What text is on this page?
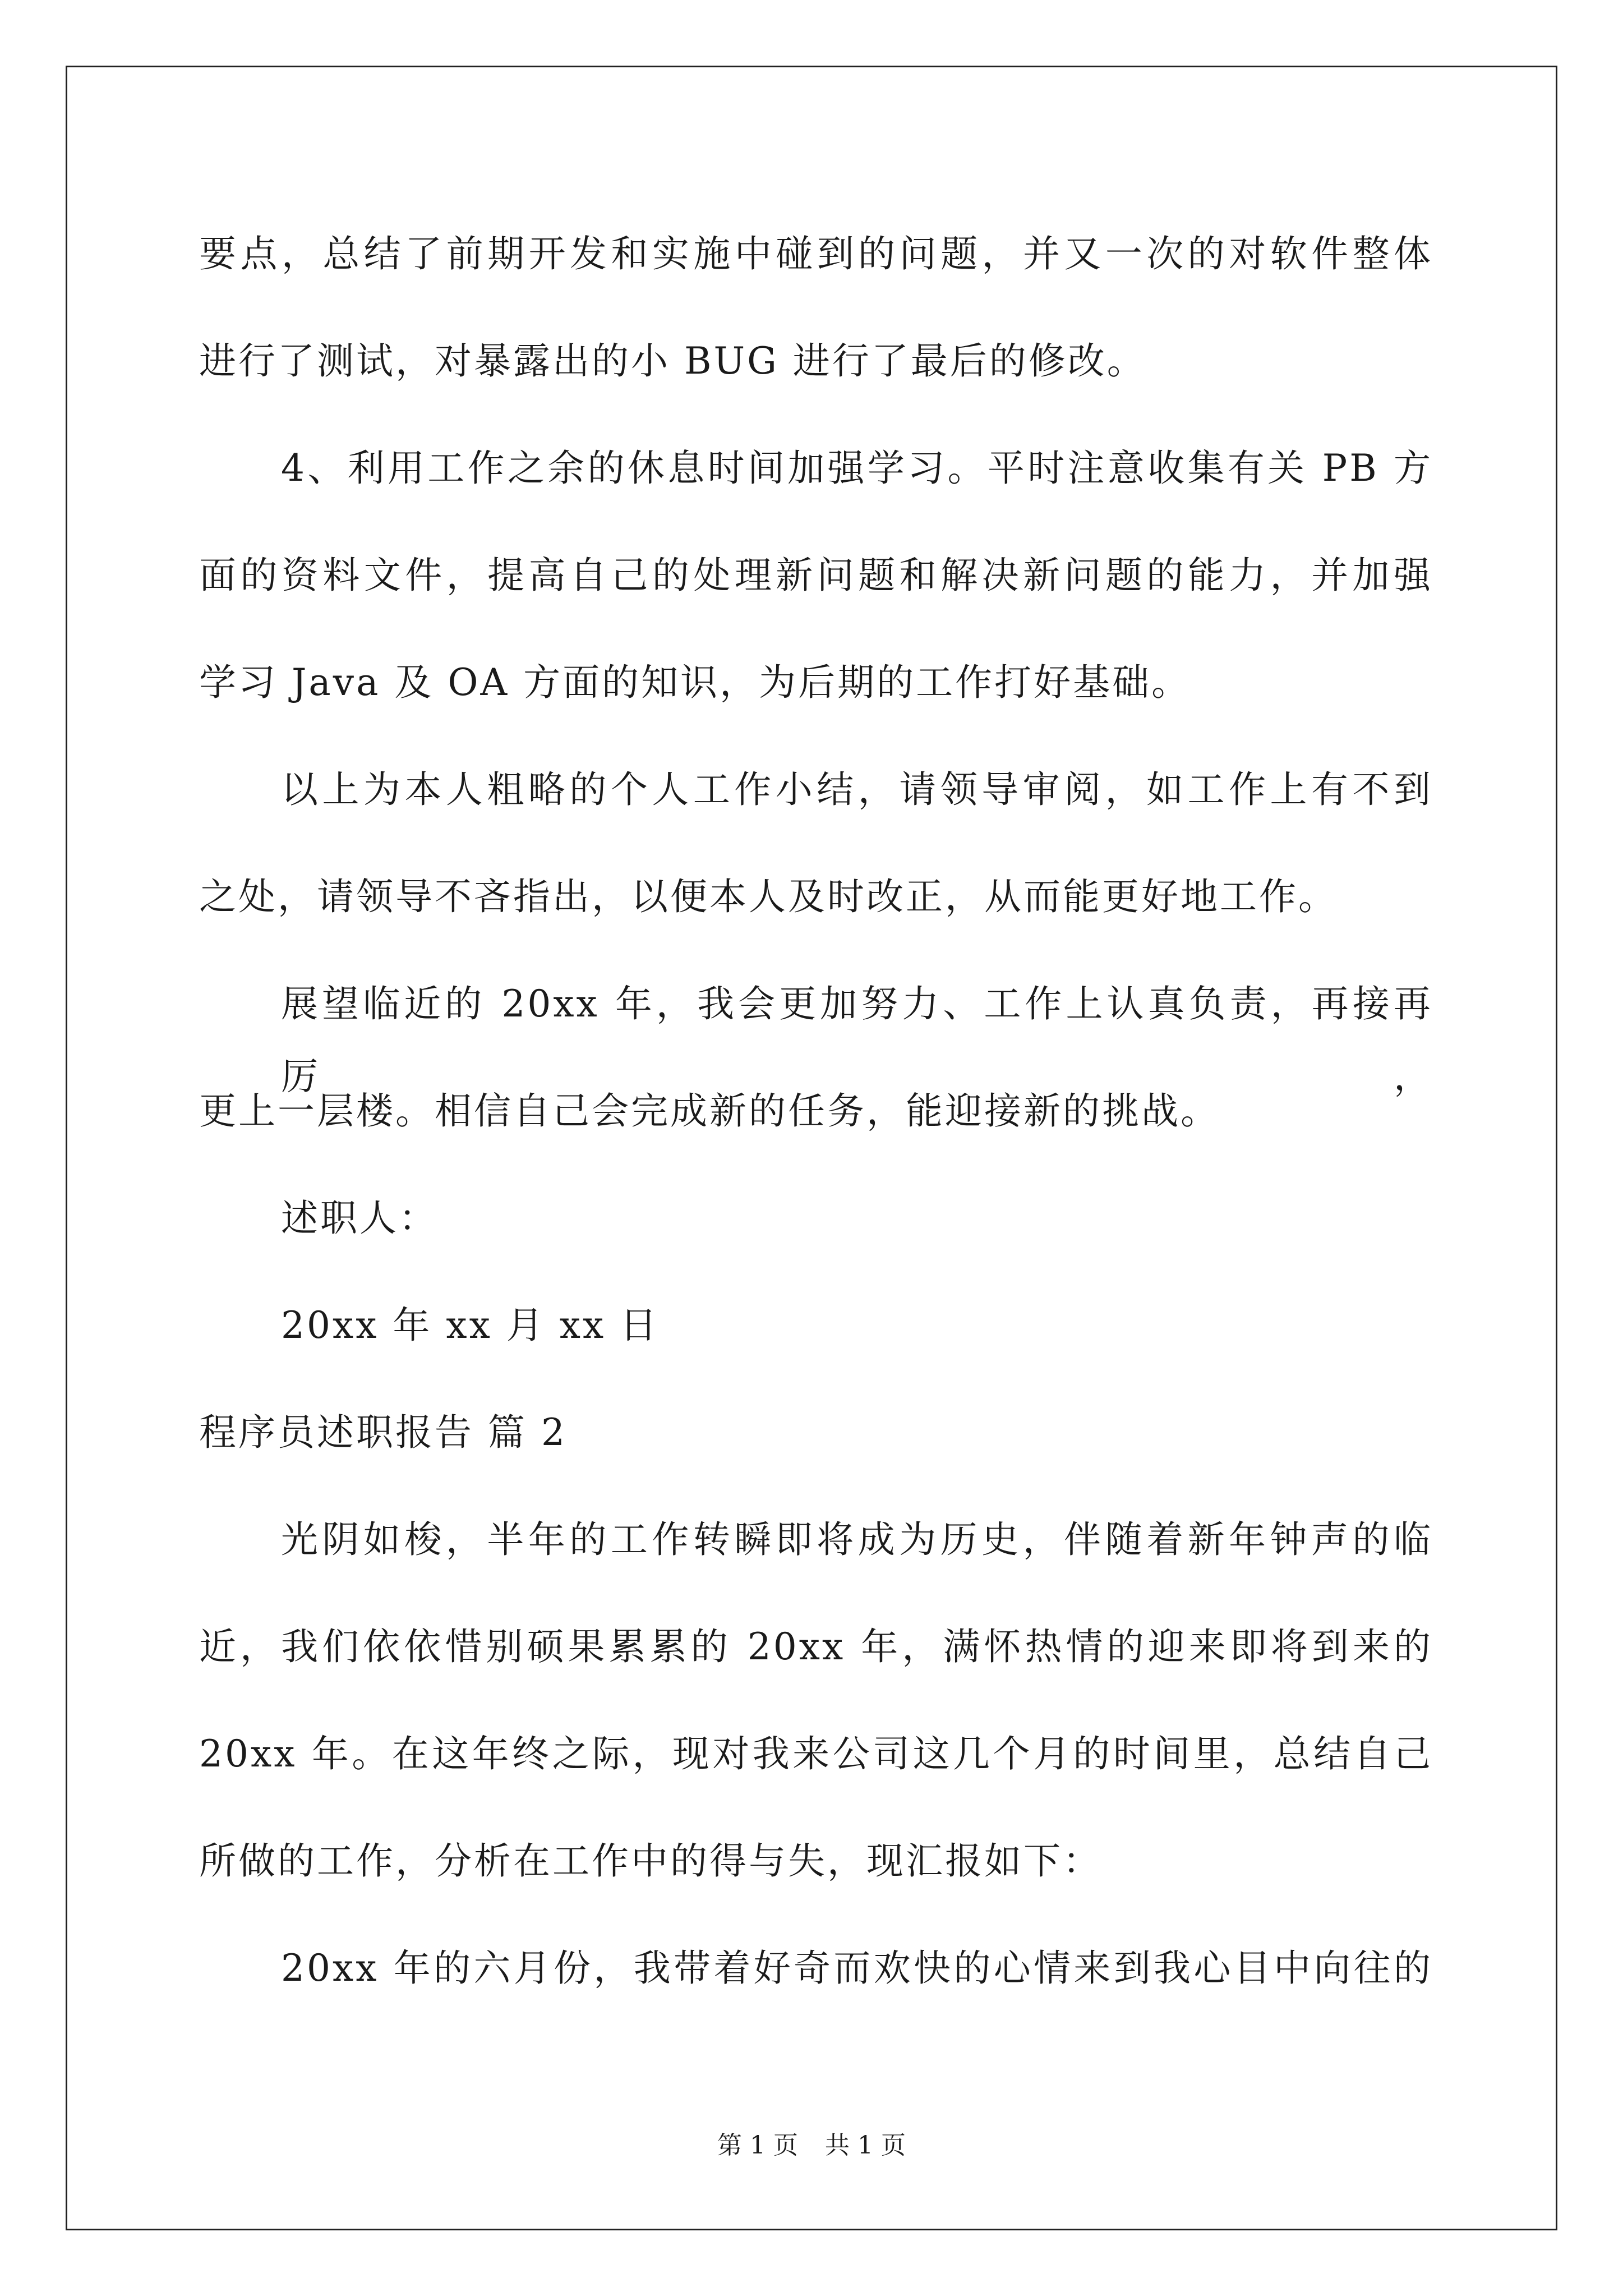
要点，总结了前期开发和实施中碰到的问题，并又一次的对软件整体
进行了测试，对暴露出的小 BUG 进行了最后的修改。
4、利用工作之余的休息时间加强学习。平时注意收集有关 PB 方
面的资料文件，提高自己的处理新问题和解决新问题的能力，并加强
学习 Java 及 OA 方面的知识，为后期的工作打好基础。
以上为本人粗略的个人工作小结，请领导审阅，如工作上有不到
之处，请领导不吝指出，以便本人及时改正，从而能更好地工作。
展望临近的 20xx 年，我会更加努力、工作上认真负责，再接再厉，
更上一层楼。相信自己会完成新的任务，能迎接新的挑战。
述职人：
20xx 年 xx 月 xx 日
程序员述职报告 篇 2
光阴如梭，半年的工作转瞬即将成为历史，伴随着新年钟声的临
近，我们依依惜别硕果累累的 20xx 年，满怀热情的迎来即将到来的
20xx 年。在这年终之际，现对我来公司这几个月的时间里，总结自己
所做的工作，分析在工作中的得与失，现汇报如下：
20xx 年的六月份，我带着好奇而欢快的心情来到我心目中向往的
第 1 页 共 1 页
